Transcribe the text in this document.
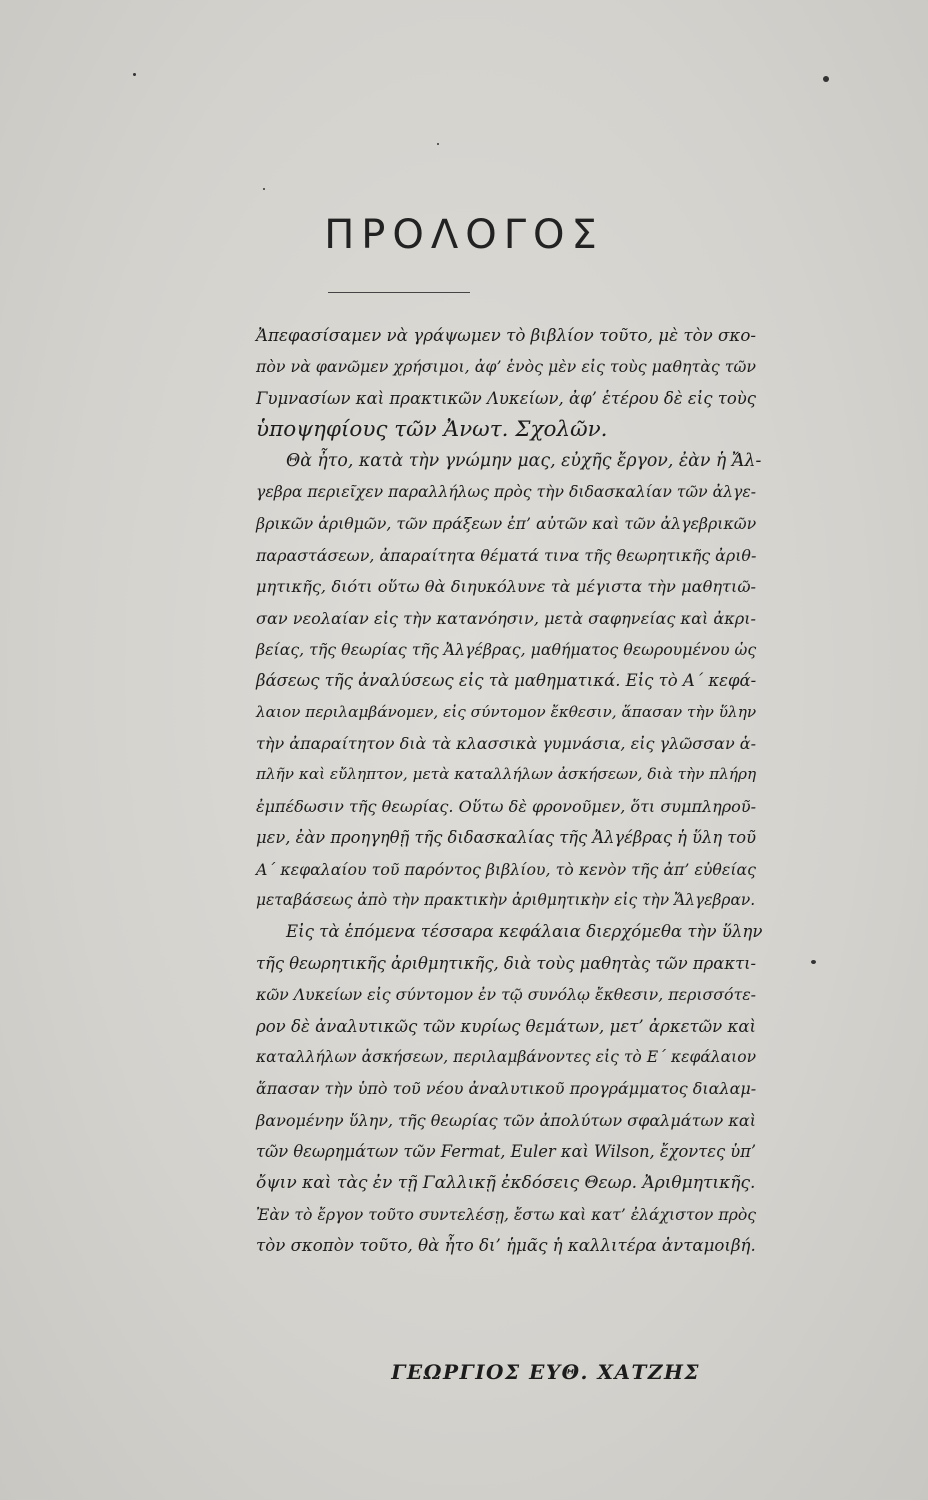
ΠΡΟΛΟΓΟΣ
Ἀπεφασίσαμεν νὰ γράψωμεν τὸ βιβλίον τοῦτο, μὲ τὸν σκο-
πὸν νὰ φανῶμεν χρήσιμοι, ἀφ’ ἑνὸς μὲν εἰς τοὺς μαθητὰς τῶν
Γυμνασίων καὶ πρακτικῶν Λυκείων, ἀφ’ ἑτέρου δὲ εἰς τοὺς
ὑποψηφίους τῶν Ἀνωτ. Σχολῶν.
Θὰ ἦτο, κατὰ τὴν γνώμην μας, εὐχῆς ἔργον, ἐὰν ἡ Ἄλ-
γεβρα περιεῖχεν παραλλήλως πρὸς τὴν διδασκαλίαν τῶν ἀλγε-
βρικῶν ἀριθμῶν, τῶν πράξεων ἐπ’ αὐτῶν καὶ τῶν ἀλγεβρικῶν
παραστάσεων, ἀπαραίτητα θέματά τινα τῆς θεωρητικῆς ἀριθ-
μητικῆς, διότι οὕτω θὰ διηυκόλυνε τὰ μέγιστα τὴν μαθητιῶ-
σαν νεολαίαν εἰς τὴν κατανόησιν, μετὰ σαφηνείας καὶ ἀκρι-
βείας, τῆς θεωρίας τῆς Ἀλγέβρας, μαθήματος θεωρουμένου ὡς
βάσεως τῆς ἀναλύσεως εἰς τὰ μαθηματικά. Εἰς τὸ Α΄ κεφά-
λαιον περιλαμβάνομεν, εἰς σύντομον ἔκθεσιν, ἅπασαν τὴν ὕλην
τὴν ἀπαραίτητον διὰ τὰ κλασσικὰ γυμνάσια, εἰς γλῶσσαν ἁ-
πλῆν καὶ εὔληπτον, μετὰ καταλλήλων ἀσκήσεων, διὰ τὴν πλήρη
ἐμπέδωσιν τῆς θεωρίας. Οὕτω δὲ φρονοῦμεν, ὅτι συμπληροῦ-
μεν, ἐὰν προηγηθῇ τῆς διδασκαλίας τῆς Ἀλγέβρας ἡ ὕλη τοῦ
Α΄ κεφαλαίου τοῦ παρόντος βιβλίου, τὸ κενὸν τῆς ἀπ’ εὐθείας
μεταβάσεως ἀπὸ τὴν πρακτικὴν ἀριθμητικὴν εἰς τὴν Ἄλγεβραν.
Εἰς τὰ ἑπόμενα τέσσαρα κεφάλαια διερχόμεθα τὴν ὕλην
τῆς θεωρητικῆς ἀριθμητικῆς, διὰ τοὺς μαθητὰς τῶν πρακτι-
κῶν Λυκείων εἰς σύντομον ἐν τῷ συνόλῳ ἔκθεσιν, περισσότε-
ρον δὲ ἀναλυτικῶς τῶν κυρίως θεμάτων, μετ’ ἀρκετῶν καὶ
καταλλήλων ἀσκήσεων, περιλαμβάνοντες εἰς τὸ Ε΄ κεφάλαιον
ἅπασαν τὴν ὑπὸ τοῦ νέου ἀναλυτικοῦ προγράμματος διαλαμ-
βανομένην ὕλην, τῆς θεωρίας τῶν ἀπολύτων σφαλμάτων καὶ
τῶν θεωρημάτων τῶν Fermat, Euler καὶ Wilson, ἔχοντες ὑπ’
ὄψιν καὶ τὰς ἐν τῇ Γαλλικῇ ἐκδόσεις Θεωρ. Ἀριθμητικῆς.
Ἐὰν τὸ ἔργον τοῦτο συντελέσῃ, ἔστω καὶ κατ’ ἐλάχιστον πρὸς
τὸν σκοπὸν τοῦτο, θὰ ἦτο δι’ ἡμᾶς ἡ καλλιτέρα ἀνταμοιβή.
ΓΕΩΡΓΙΟΣ ΕΥΘ. ΧΑΤΖΗΣ
